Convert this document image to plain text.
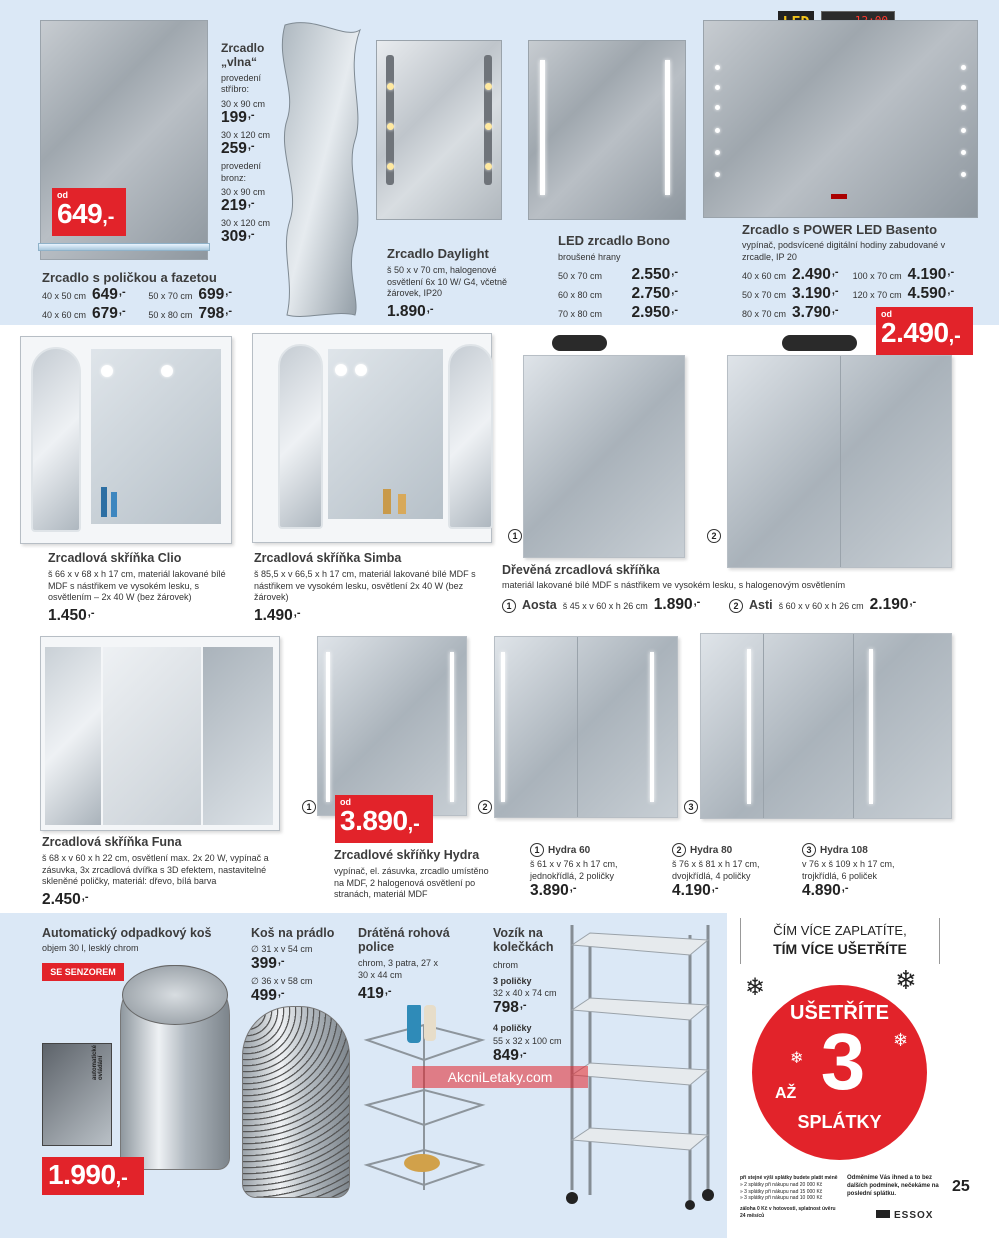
od
649,-
Zrcadlo s poličkou a fazetou
40 x 50 cm 649 ,-	50 x 70 cm 699 ,-
40 x 60 cm 679 ,-	50 x 80 cm 798 ,-
Zrcadlo
„vlna“
provedení stříbro:
30 x 90 cm
199 ,-
30 x 120 cm
259 ,-
provedení bronz:
30 x 90 cm
219 ,-
30 x 120 cm
309 ,-
Zrcadlo Daylight
š 50 x v 70 cm, halogenové osvětlení 6x 10 W/ G4, včetně žárovek, IP20
1.890 ,-
LED zrcadlo Bono
broušené hrany
50 x 70 cm 2.550 ,-
60 x 80 cm 2.750 ,-
70 x 80 cm 2.950 ,-
Zrcadlo s POWER LED Basento
vypínač, podsvícené digitální hodiny zabudované v zrcadle, IP 20
40 x 60 cm 2.490 ,-	100 x 70 cm 4.190 ,-
50 x 70 cm 3.190 ,-	120 x 70 cm 4.590 ,-
80 x 70 cm 3.790 ,-	od
2.490,-
Zrcadlová skříňka Clio
š 66 x v 68 x h 17 cm, materiál lakované bílé MDF s nástřikem ve vysokém lesku, s osvětlením – 2x 40 W (bez žárovek)
1.450 ,-
Zrcadlová skříňka Simba
š 85,5 x v 66,5 x h 17 cm, materiál lakované bílé MDF s nástřikem ve vysokém lesku, osvětlení 2x 40 W (bez žárovek)
1.490 ,-
1	2
Dřevěná zrcadlová skříňka
materiál lakované bílé MDF s nástřikem ve vysokém lesku, s halogenovým osvětlením
1 Aosta š 45 x v 60 x h 26 cm 1.890 ,-	2 Asti š 60 x v 60 x h 26 cm 2.190 ,-
Zrcadlová skříňka Funa
š 68 x v 60 x h 22 cm, osvětlení max. 2x 20 W, vypínač a zásuvka, 3x zrcadlová dvířka s 3D efektem, nastavitelné skleněné poličky, materiál: dřevo, bílá barva
2.450 ,-
1	od
3.890,-
2	3
Zrcadlové skříňky Hydra
vypínač, el. zásuvka, zrcadlo umístěno na MDF, 2 halogenová osvětlení po stranách, materiál MDF
1 Hydra 60
š 61 x v 76 x h 17 cm, jednokřídlá, 2 poličky
3.890 ,-
2 Hydra 80
š 76 x š 81 x h 17 cm, dvojkřídlá, 4 poličky
4.190 ,-
3 Hydra 108
v 76 x š 109 x h 17 cm, trojkřídlá, 6 poliček
4.890 ,-
Automatický odpadkový koš
objem 30 l, lesklý chrom
SE SENZOREM
automatické ovládání
1.990,-
Koš na prádlo
∅ 31 x v 54 cm
399 ,-
∅ 36 x v 58 cm
499 ,-
Drátěná rohová police
chrom, 3 patra, 27 x 30 x 44 cm
419 ,-
Vozík na kolečkách
chrom
3 poličky
32 x 40 x 74 cm
798 ,-
4 poličky
55 x 32 x 100 cm
849 ,-
AkcniLetaky.com
ČÍM VÍCE ZAPLATÍTE,
TÍM VÍCE UŠETŘÍTE
❄	❄
❄
❄
UŠETŘÍTE
AŽ 3
SPLÁTKY
při stejné výši splátky budete platit méně
» 2 splátky při nákupu nad 20 000 Kč
» 3 splátky při nákupu nad 15 000 Kč
» 3 splátky při nákupu nad 10 000 Kč
záloha 0 Kč v hotovosti, splatnost úvěru 24 měsíců
Odměníme Vás ihned a to bez dalších podmínek, nečekáme na poslední splátku.
ESSOX
25
